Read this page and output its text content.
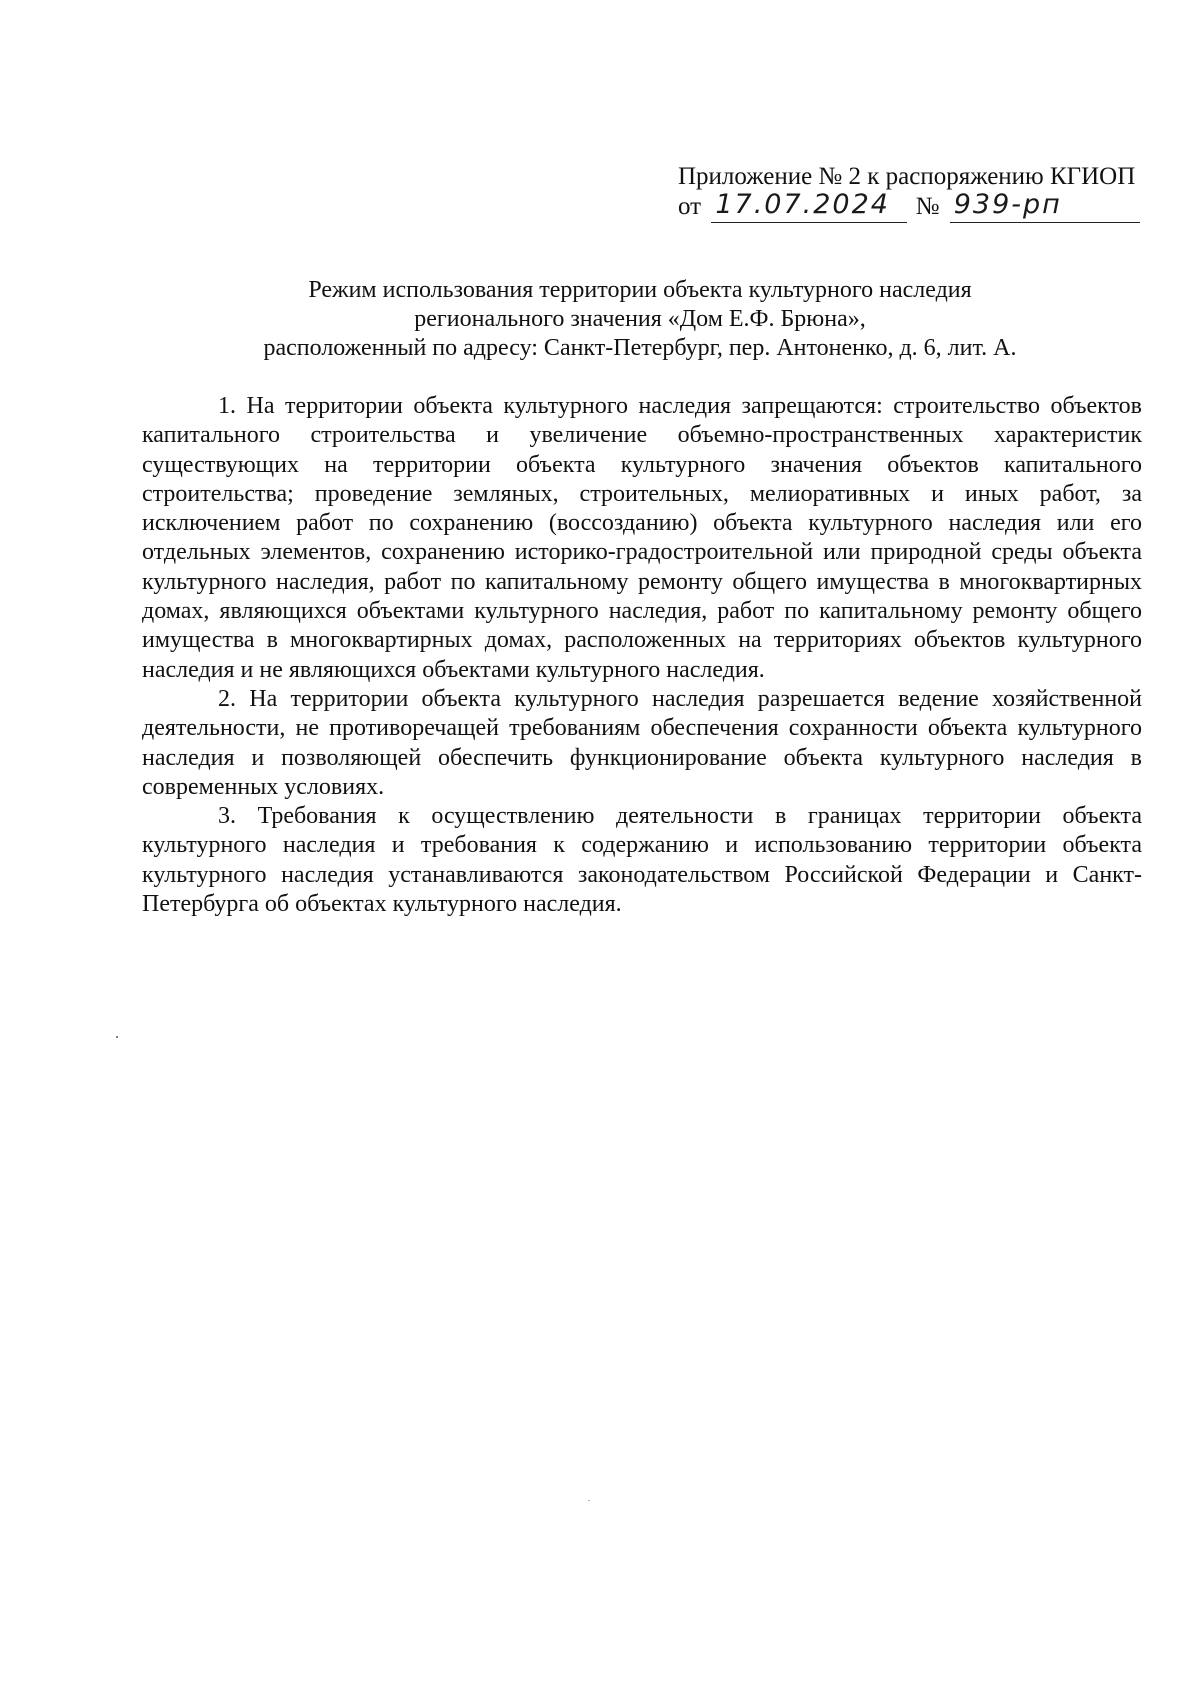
Приложение № 2 к распоряжению КГИОП
от 17.07.2024 № 939-рп
Режим использования территории объекта культурного наследия
регионального значения «Дом Е.Ф. Брюна»,
расположенный по адресу: Санкт-Петербург, пер. Антоненко, д. 6, лит. А.

1. На территории объекта культурного наследия запрещаются: строительство объектов капитального строительства и увеличение объемно-пространственных характеристик существующих на территории объекта культурного значения объектов капитального строительства; проведение земляных, строительных, мелиоративных и иных работ, за исключением работ по сохранению (воссозданию) объекта культурного наследия или его отдельных элементов, сохранению историко-градостроительной или природной среды объекта культурного наследия, работ по капитальному ремонту общего имущества в многоквартирных домах, являющихся объектами культурного наследия, работ по капитальному ремонту общего имущества в многоквартирных домах, расположенных на территориях объектов культурного наследия и не являющихся объектами культурного наследия.

2. На территории объекта культурного наследия разрешается ведение хозяйственной деятельности, не противоречащей требованиям обеспечения сохранности объекта культурного наследия и позволяющей обеспечить функционирование объекта культурного наследия в современных условиях.

3. Требования к осуществлению деятельности в границах территории объекта культурного наследия и требования к содержанию и использованию территории объекта культурного наследия устанавливаются законодательством Российской Федерации и Санкт-Петербурга об объектах культурного наследия.
